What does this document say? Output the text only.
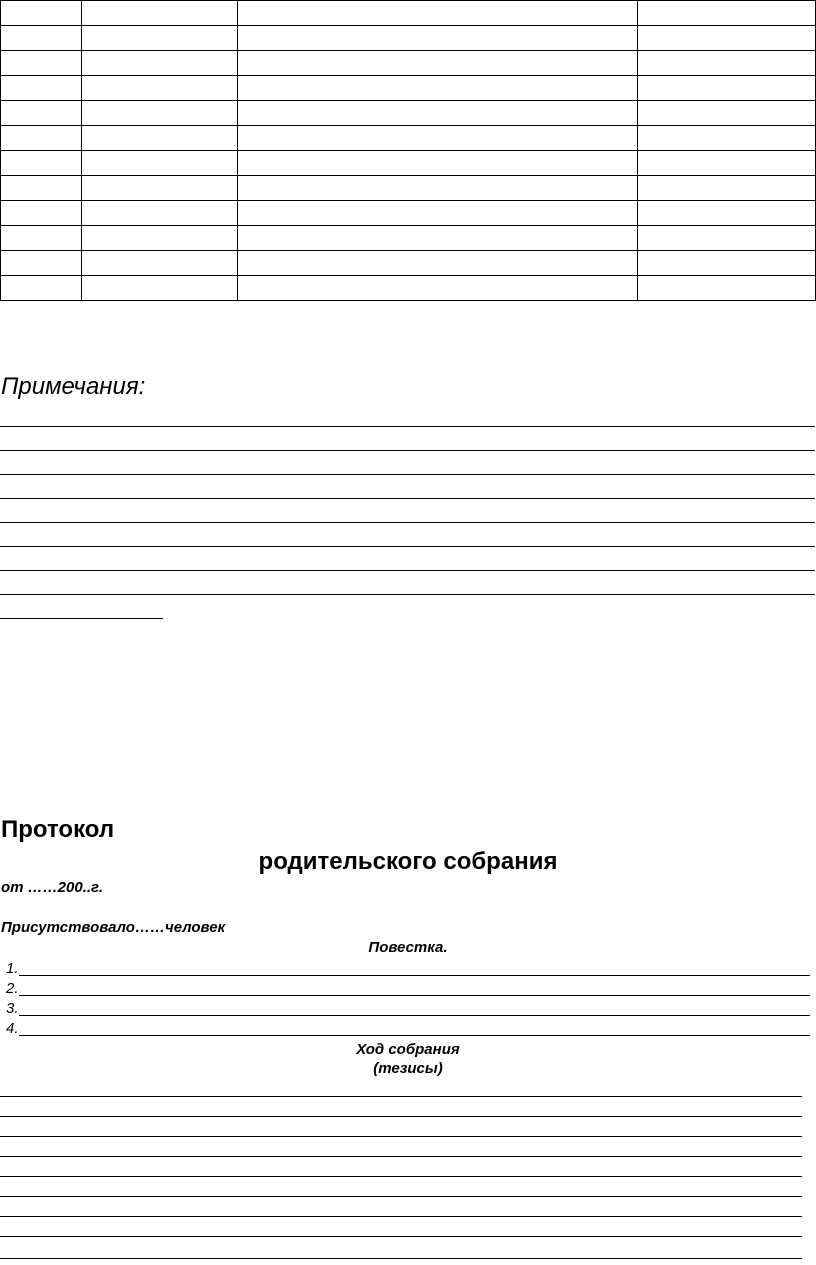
Примечания:
Протокол
родительского собрания
от ……200..г.
Присутствовало……человек
Повестка.
1.
2.
3.
4.
Ход собрания
(тезисы)
